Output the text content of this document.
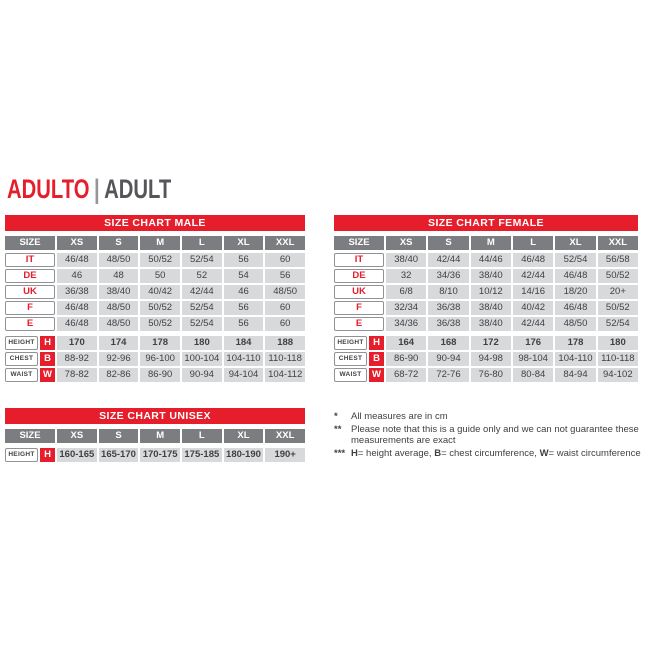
ADULTO | ADULT
SIZE CHART MALE
SIZE	XS	S	M	L	XL	XXL
IT	46/48	48/50	50/52	52/54	56	60
DE	46	48	50	52	54	56
UK	36/38	38/40	40/42	42/44	46	48/50
F	46/48	48/50	50/52	52/54	56	60
E	46/48	48/50	50/52	52/54	56	60
HEIGHT H	170	174	178	180	184	188
CHEST	B	88-92	92-96	96-100 100-104 104-110 110-118
WAIST	W	78-82	82-86	86-90	90-94	94-104	104-112
SIZE CHART FEMALE
SIZE	XS	S	M	L	XL	XXL
IT	38/40	42/44	44/46	46/48	52/54	56/58
DE	32	34/36	38/40	42/44	46/48	50/52
UK	6/8	8/10	10/12	14/16	18/20	20+
F	32/34	36/38	38/40	40/42	46/48	50/52
E	34/36	36/38	38/40	42/44	48/50	52/54
HEIGHT H	164	168	172	176	178	180
CHEST	B	86-90	90-94	94-98	98-104	104-110 110-118
WAIST	W	68-72	72-76	76-80	80-84	84-94	94-102
SIZE CHART UNISEX
SIZE	XS	S	M	L	XL	XXL
HEIGHT H 160-165 165-170 170-175 175-185 180-190	190+
*	All measures are in cm
**	Please note that this is a guide only and we can not guarantee these measurements are exact
*** H= height average, B= chest circumference, W= waist circumference
